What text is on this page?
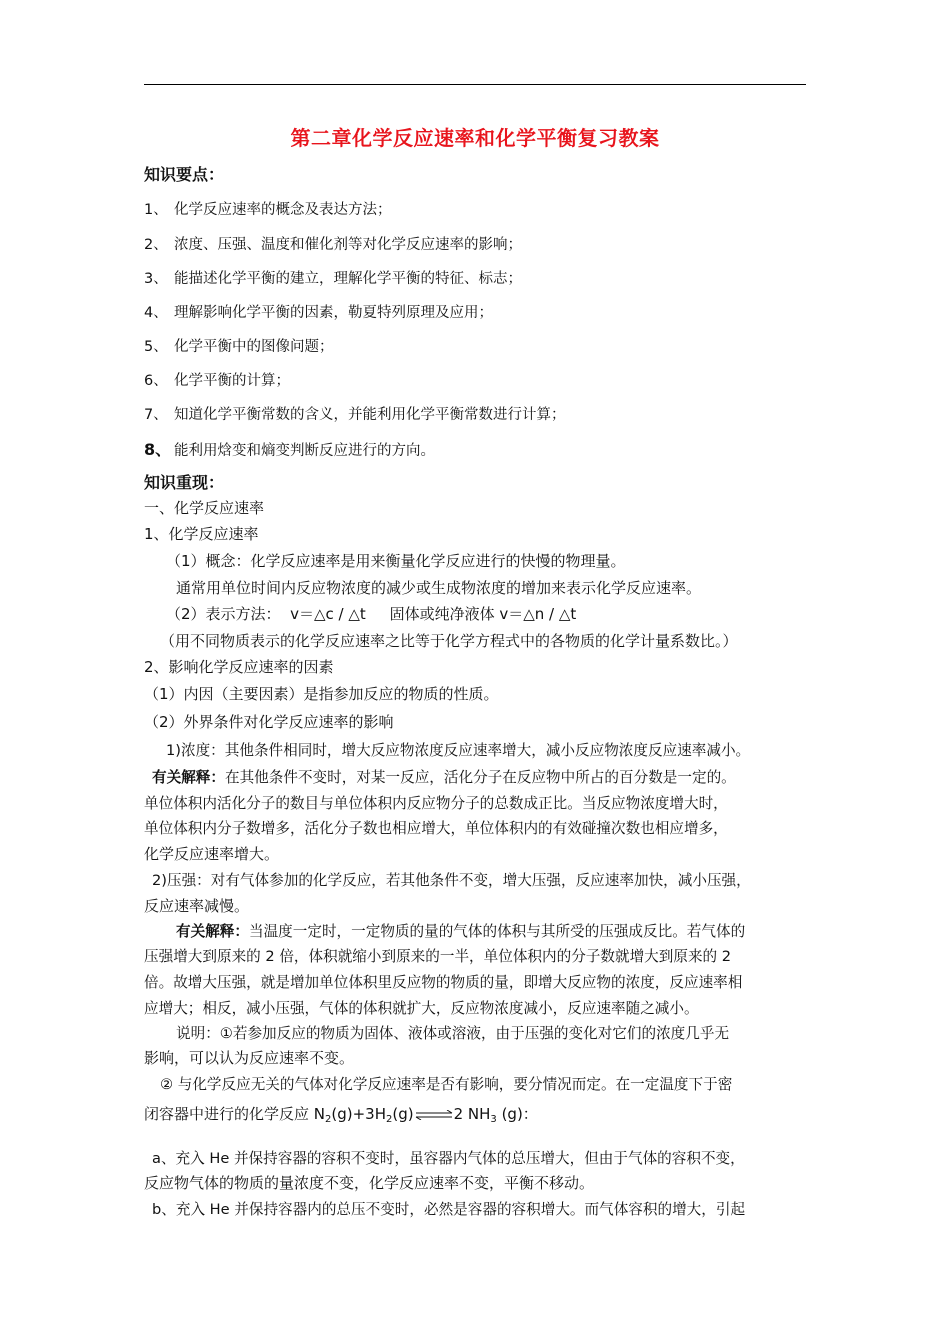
第二章化学反应速率和化学平衡复习教案
知识要点：
1、 化学反应速率的概念及表达方法；
2、 浓度、压强、温度和催化剂等对化学反应速率的影响；
3、 能描述化学平衡的建立，理解化学平衡的特征、标志；
4、 理解影响化学平衡的因素，勒夏特列原理及应用；
5、 化学平衡中的图像问题；
6、 化学平衡的计算；
7、 知道化学平衡常数的含义，并能利用化学平衡常数进行计算；
8、 能利用焓变和熵变判断反应进行的方向。
知识重现：
一、化学反应速率
1、化学反应速率
（1）概念：化学反应速率是用来衡量化学反应进行的快慢的物理量。
通常用单位时间内反应物浓度的减少或生成物浓度的增加来表示化学反应速率。
（2）表示方法：  v＝△c / △t     固体或纯净液体 v＝△n / △t
（用不同物质表示的化学反应速率之比等于化学方程式中的各物质的化学计量系数比。）
2、影响化学反应速率的因素
（1）内因（主要因素）是指参加反应的物质的性质。
（2）外界条件对化学反应速率的影响
1)浓度：其他条件相同时，增大反应物浓度反应速率增大，减小反应物浓度反应速率减小。
有关解释：在其他条件不变时，对某一反应，活化分子在反应物中所占的百分数是一定的。
单位体积内活化分子的数目与单位体积内反应物分子的总数成正比。当反应物浓度增大时，
单位体积内分子数增多，活化分子数也相应增大，单位体积内的有效碰撞次数也相应增多，
化学反应速率增大。
2)压强：对有气体参加的化学反应，若其他条件不变，增大压强，反应速率加快，减小压强，
反应速率减慢。
有关解释：当温度一定时，一定物质的量的气体的体积与其所受的压强成反比。若气体的
压强增大到原来的 2 倍，体积就缩小到原来的一半，单位体积内的分子数就增大到原来的 2
倍。故增大压强，就是增加单位体积里反应物的物质的量，即增大反应物的浓度，反应速率相
应增大；相反，减小压强，气体的体积就扩大，反应物浓度减小，反应速率随之减小。
说明：①若参加反应的物质为固体、液体或溶液，由于压强的变化对它们的浓度几乎无
影响，可以认为反应速率不变。
② 与化学反应无关的气体对化学反应速率是否有影响，要分情况而定。在一定温度下于密
闭容器中进行的化学反应 $N_2(g)+3H_2(g)\rightleftharpoons 2$ $NH_3$ (g)：
a、充入 He 并保持容器的容积不变时，虽容器内气体的总压增大，但由于气体的容积不变，
反应物气体的物质的量浓度不变，化学反应速率不变，平衡不移动。
b、充入 He 并保持容器内的总压不变时，必然是容器的容积增大。而气体容积的增大，引起
